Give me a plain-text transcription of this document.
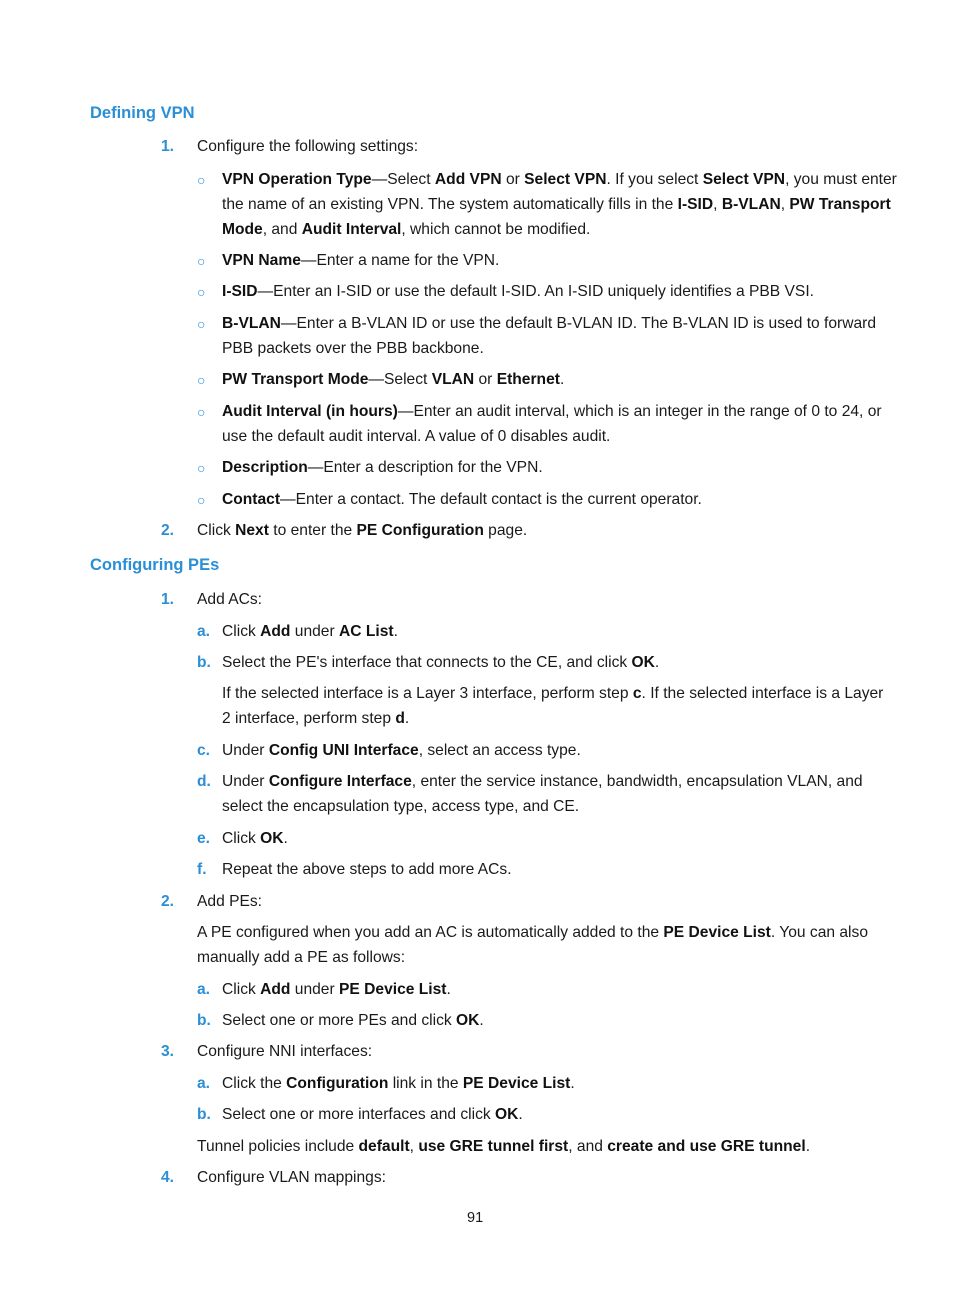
Defining VPN
1. Configure the following settings:
○ VPN Operation Type—Select Add VPN or Select VPN. If you select Select VPN, you must enter
the name of an existing VPN. The system automatically fills in the I-SID, B-VLAN, PW Transport
Mode, and Audit Interval, which cannot be modified.
○ VPN Name—Enter a name for the VPN.
○ I-SID—Enter an I-SID or use the default I-SID. An I-SID uniquely identifies a PBB VSI.
○ B-VLAN—Enter a B-VLAN ID or use the default B-VLAN ID. The B-VLAN ID is used to forward
PBB packets over the PBB backbone.
○ PW Transport Mode—Select VLAN or Ethernet.
○ Audit Interval (in hours)—Enter an audit interval, which is an integer in the range of 0 to 24, or
use the default audit interval. A value of 0 disables audit.
○ Description—Enter a description for the VPN.
○ Contact—Enter a contact. The default contact is the current operator.
2. Click Next to enter the PE Configuration page.
Configuring PEs
1. Add ACs:
a. Click Add under AC List.
b. Select the PE's interface that connects to the CE, and click OK.
If the selected interface is a Layer 3 interface, perform step c. If the selected interface is a Layer
2 interface, perform step d.
c. Under Config UNI Interface, select an access type.
d. Under Configure Interface, enter the service instance, bandwidth, encapsulation VLAN, and
select the encapsulation type, access type, and CE.
e. Click OK.
f. Repeat the above steps to add more ACs.
2. Add PEs:
A PE configured when you add an AC is automatically added to the PE Device List. You can also
manually add a PE as follows:
a. Click Add under PE Device List.
b. Select one or more PEs and click OK.
3. Configure NNI interfaces:
a. Click the Configuration link in the PE Device List.
b. Select one or more interfaces and click OK.
Tunnel policies include default, use GRE tunnel first, and create and use GRE tunnel.
4. Configure VLAN mappings:
91
